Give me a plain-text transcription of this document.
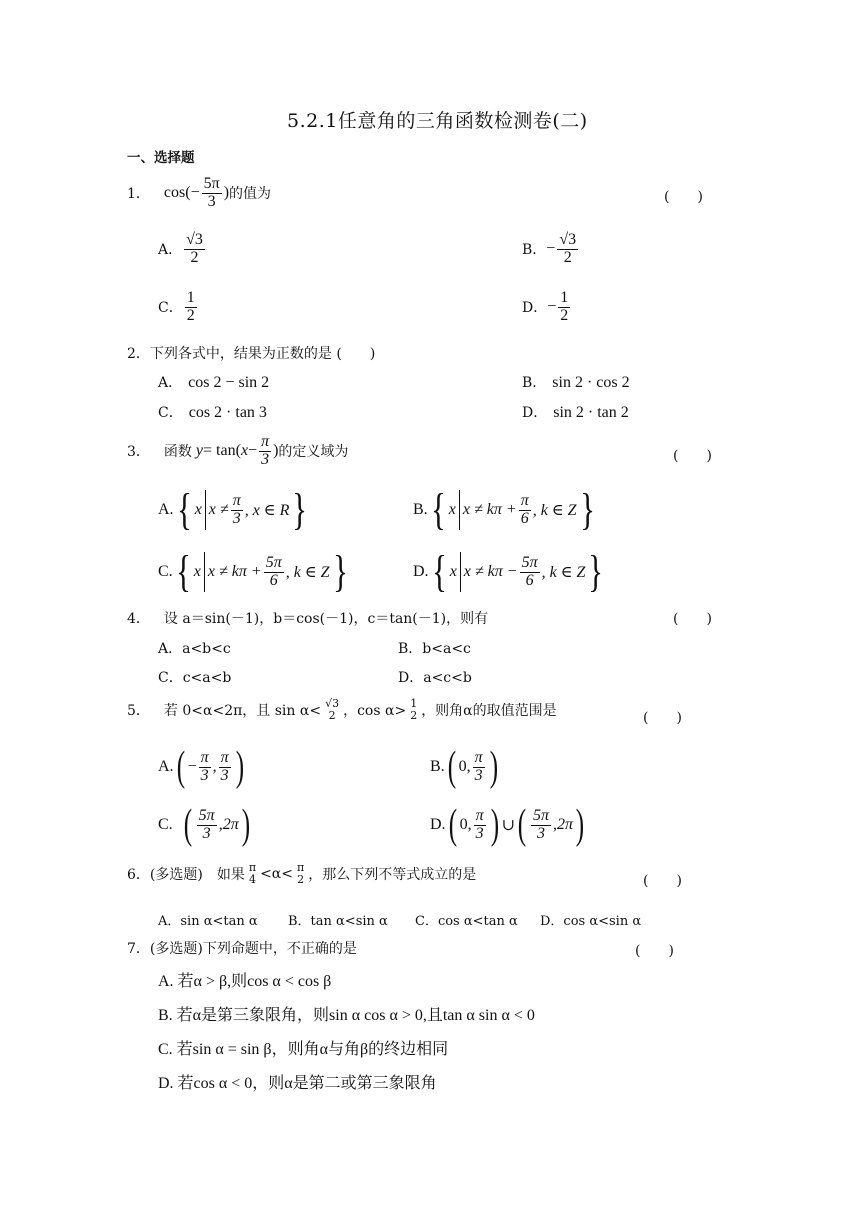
5.2.1任意角的三角函数检测卷(二)
一、选择题
1． $\cos( - \frac{5\pi}{3}$ ) 的值为	(　　)
A． $\frac{√3}{2}$	B． − $\frac{√3}{2}$
C． $\frac{1}{2}$	D． − $\frac{1}{2}$
2．下列各式中，结果为正数的是 (　　)
A． cos 2 − sin 2	B． sin 2 · cos 2
C． cos 2 · tan 3	D． sin 2 · tan 2
3． 函数 y = tan( $x - \frac{\pi}{3}$ ) 的定义域为	(　　)
A. { x $x \ne \frac{\pi}{3}$ , x ∈ R }	B. { x $x \ne k\pi + \frac{\pi}{6}$ , k ∈ Z }
C. { x $x \ne k\pi + \frac{5\pi}{6}$ , k ∈ Z }	D. { x $x \ne k\pi - \frac{5\pi}{6}$ , k ∈ Z }
4． 设 a＝sin(－1)，b＝cos(－1)，c＝tan(－1)，则有	(　　)
A．a<b<c	B．b<a<c
C．c<a<b	D．a<c<b
5． 若 0<α<2π，且 sin α< √3
2 ，cos α> 1
2 ，则角α的取值范围是	(　　)
A. ( − $\frac{\pi}{3}$ , $\frac{\pi}{3}$ )	B. ( 0, $\frac{\pi}{3}$ )
C. ( $\frac{5\pi}{3} ,2\pi$ )	D. ( 0, $\frac{\pi}{3}$ ) ∪ ( $\frac{5\pi}{3} ,2\pi$ )
6．(多选题) 如果 π
4 <α< π
2 ，那么下列不等式成立的是	(　　)
A．sin α<tan α B．tan α<sin α C．cos α<tan α D．cos α<sin α
7．(多选题)下列命题中，不正确的是	(　　)
A. 若α > β,则cos α < cos β
B. 若α是第三象限角，则sin α cos α > 0,且tan α sin α < 0
C. 若sin α = sin β，则角α与角β的终边相同
D. 若cos α < 0，则α是第二或第三象限角
